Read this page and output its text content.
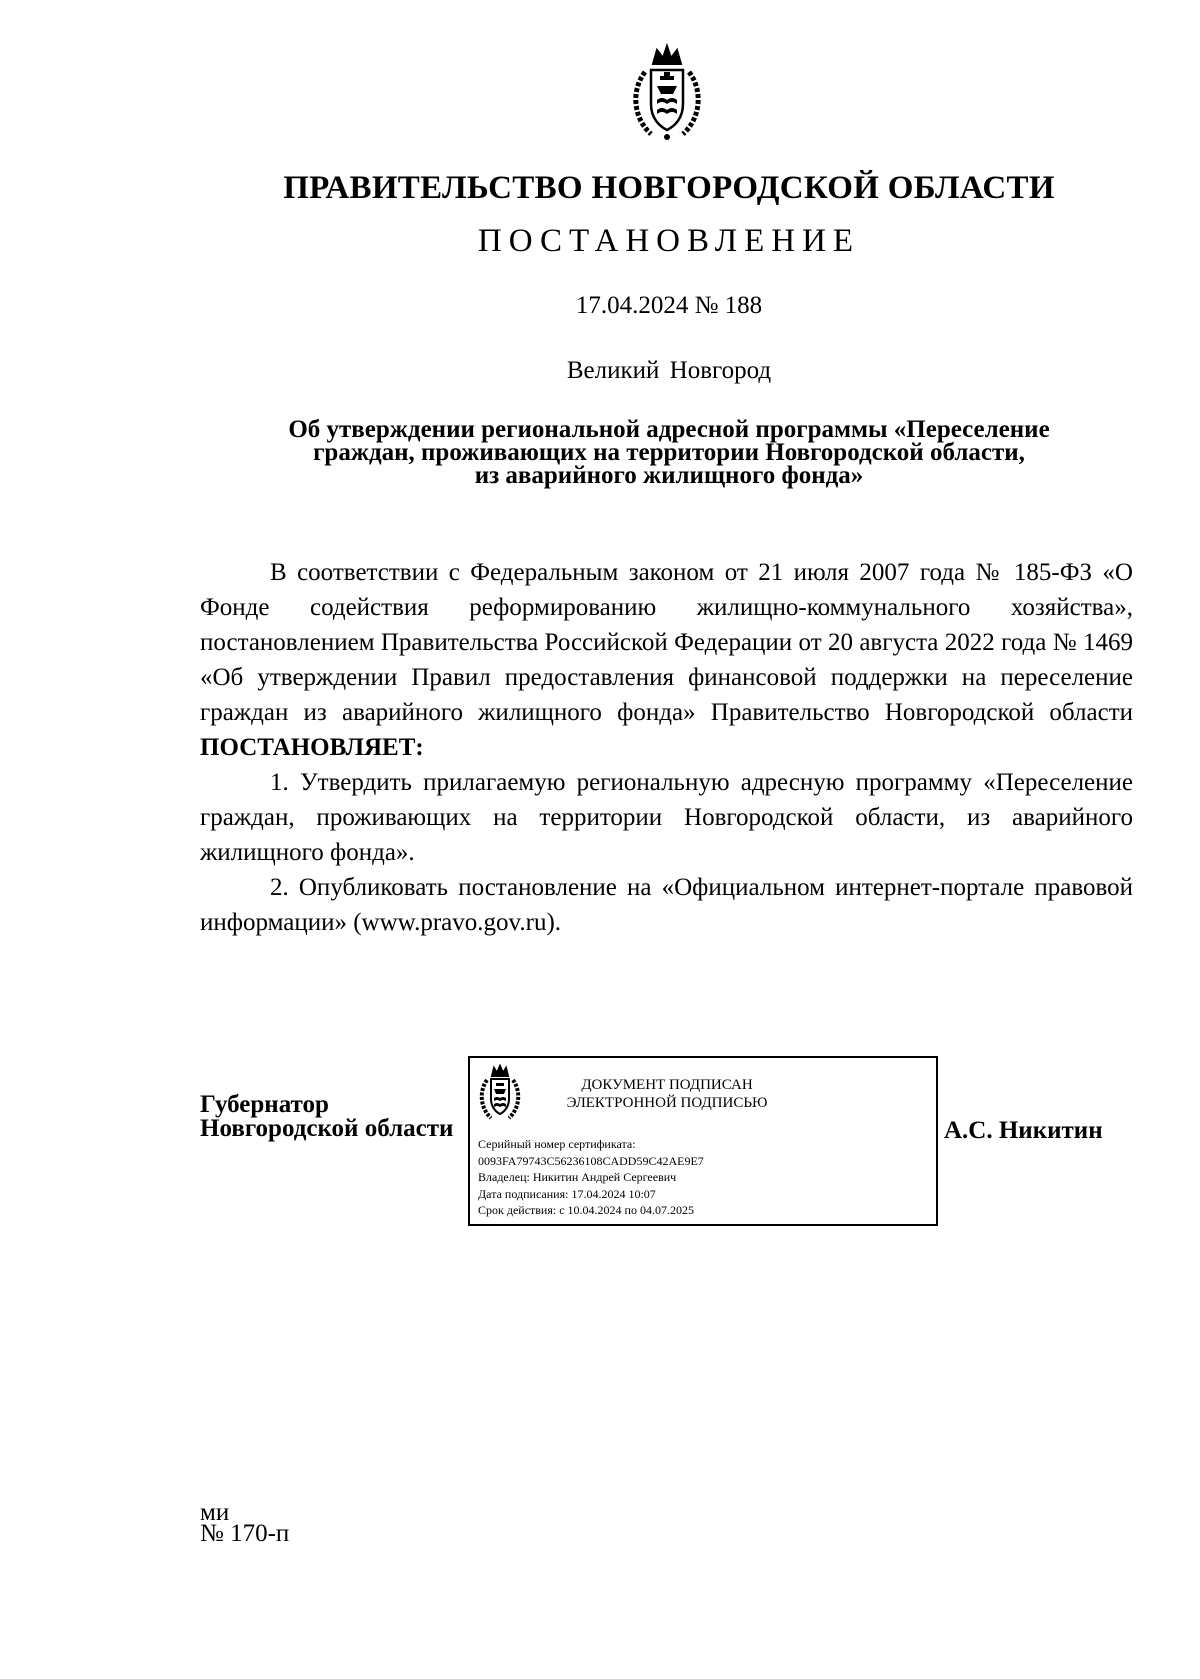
ПРАВИТЕЛЬСТВО НОВГОРОДСКОЙ ОБЛАСТИ
ПОСТАНОВЛЕНИЕ
17.04.2024 № 188
Великий Новгород
Об утверждении региональной адресной программы «Переселение
граждан, проживающих на территории Новгородской области,
из аварийного жилищного фонда»

В соответствии с Федеральным законом от 21 июля 2007 года № 185-ФЗ «О Фонде содействия реформированию жилищно-коммунального хозяйства», постановлением Правительства Российской Федерации от 20 августа 2022 года № 1469 «Об утверждении Правил предоставления финансовой поддержки на переселение граждан из аварийного жилищного фонда» Правительство Новгородской области ПОСТАНОВЛЯЕТ:

1. Утвердить прилагаемую региональную адресную программу «Переселение граждан, проживающих на территории Новгородской области, из аварийного жилищного фонда».

2. Опубликовать постановление на «Официальном интернет-портале правовой информации» (www.pravo.gov.ru).

Губернатор
Новгородской области
ДОКУМЕНТ ПОДПИСАН
ЭЛЕКТРОННОЙ ПОДПИСЬЮ
Серийный номер сертификата:
0093FA79743C56236108CADD59C42AE9E7
Владелец: Никитин Андрей Сергеевич
Дата подписания: 17.04.2024 10:07
Срок действия: с 10.04.2024 по 04.07.2025
А.С. Никитин
ми
№ 170-п
